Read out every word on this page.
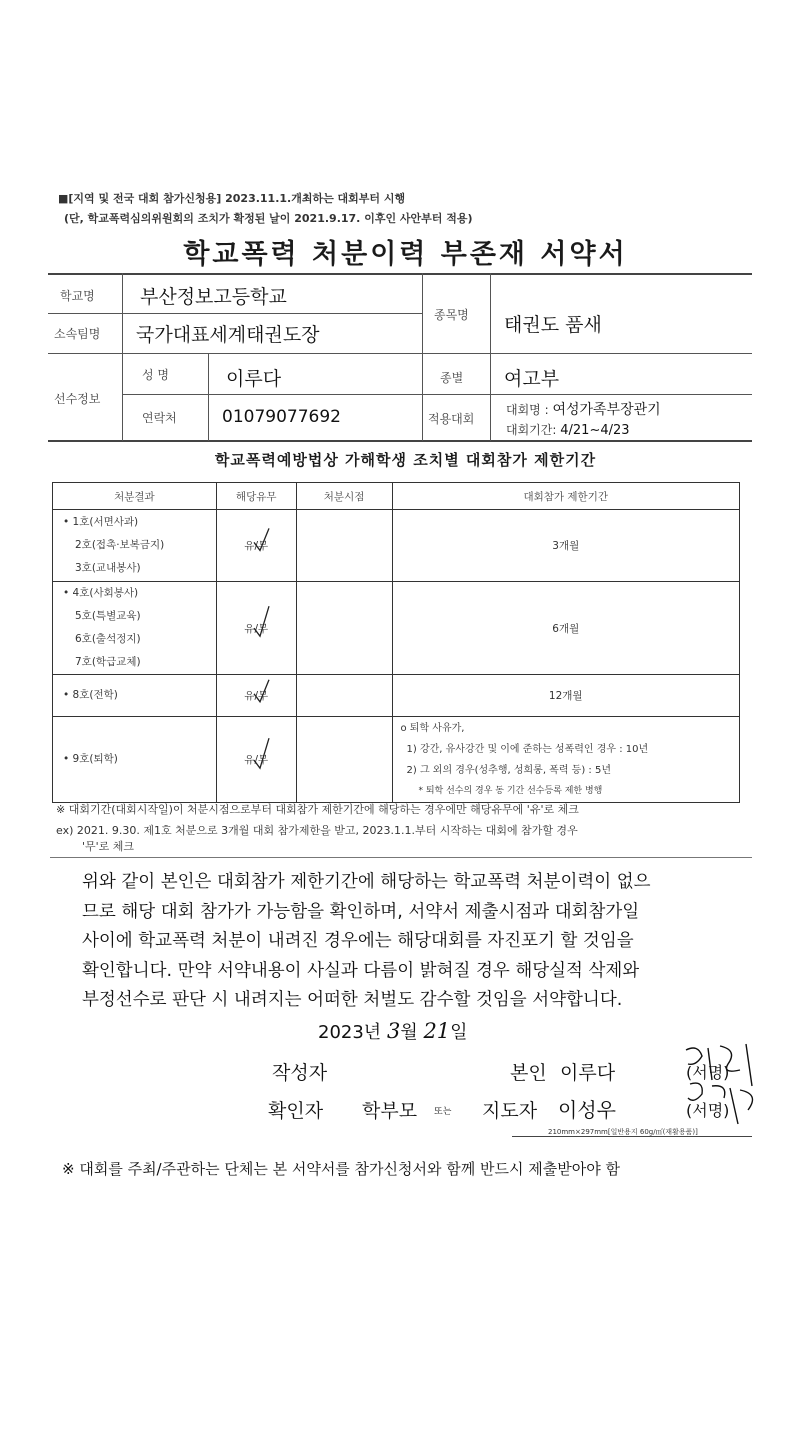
■[지역 및 전국 대회 참가신청용] 2023.11.1.개최하는 대회부터 시행
(단, 학교폭력심의위원회의 조치가 확정된 날이 2021.9.17. 이후인 사안부터 적용)
학교폭력 처분이력 부존재 서약서
학교명 부산정보고등학교
소속팀명 국가대표세계태권도장
종목명 태권도 품새
선수정보
성 명	이루다
연락처	01079077692
종별 여고부
적용대회
대회명 : 여성가족부장관기
대회기간: 4/21~4/23
학교폭력예방법상 가해학생 조치별 대회참가 제한기간
처분결과	해당유무	처분시점	대회참가 제한기간

• 1호(서면사과)
2호(접촉·보복금지)
3호(교내봉사)	유/무		3개월

• 4호(사회봉사)
5호(특별교육)
6호(출석정지)
7호(학급교체)	유/무		6개월

• 8호(전학)	유/무		12개월

• 9호(퇴학)	유/무		o 퇴학 사유가,
1) 강간, 유사강간 및 이에 준하는 성폭력인 경우 : 10년
2) 그 외의 경우(성추행, 성희롱, 폭력 등) : 5년
* 퇴학 선수의 경우 동 기간 선수등록 제한 병행
※ 대회기간(대회시작일)이 처분시점으로부터 대회참가 제한기간에 해당하는 경우에만 해당유무에 '유'로 체크
ex) 2021. 9.30. 제1호 처분으로 3개월 대회 참가제한을 받고, 2023.1.1.부터 시작하는 대회에 참가할 경우
'무'로 체크
위와 같이 본인은 대회참가 제한기간에 해당하는 학교폭력 처분이력이 없으
므로 해당 대회 참가가 가능함을 확인하며, 서약서 제출시점과 대회참가일
사이에 학교폭력 처분이 내려진 경우에는 해당대회를 자진포기 할 것임을
확인합니다. 만약 서약내용이 사실과 다름이 밝혀질 경우 해당실적 삭제와
부정선수로 판단 시 내려지는 어떠한 처벌도 감수할 것임을 서약합니다.
2023년 3월 21일
작성자	본인 이루다	(서명)
확인자 학부모 또는 지도자 이성우	(서명)
210mm×297mm[일반용지 60g/㎡(재활용품)]
※ 대회를 주최/주관하는 단체는 본 서약서를 참가신청서와 함께 반드시 제출받아야 함
